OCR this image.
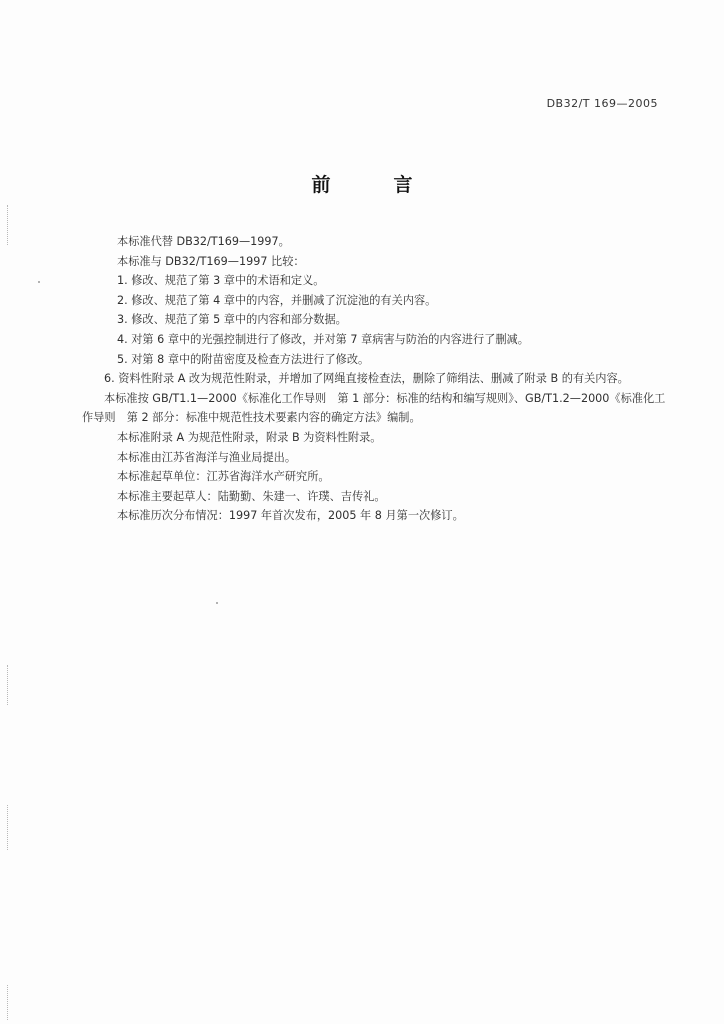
DB32/T 169—2005
前　言

本标准代替 DB32/T169—1997。

本标准与 DB32/T169—1997 比较：

1. 修改、规范了第 3 章中的术语和定义。

2. 修改、规范了第 4 章中的内容，并删减了沉淀池的有关内容。

3. 修改、规范了第 5 章中的内容和部分数据。

4. 对第 6 章中的光强控制进行了修改，并对第 7 章病害与防治的内容进行了删减。

5. 对第 8 章中的附苗密度及检查方法进行了修改。

6. 资料性附录 A 改为规范性附录，并增加了网绳直接检查法，删除了筛绢法、删减了附录 B 的有关内容。

本标准按 GB/T1.1—2000《标准化工作导则　第 1 部分：标准的结构和编写规则》、GB/T1.2—2000《标准化工作导则　第 2 部分：标准中规范性技术要素内容的确定方法》编制。

本标准附录 A 为规范性附录，附录 B 为资料性附录。

本标准由江苏省海洋与渔业局提出。

本标准起草单位：江苏省海洋水产研究所。

本标准主要起草人：陆勤勤、朱建一、许璞、吉传礼。

本标准历次分布情况：1997 年首次发布，2005 年 8 月第一次修订。
